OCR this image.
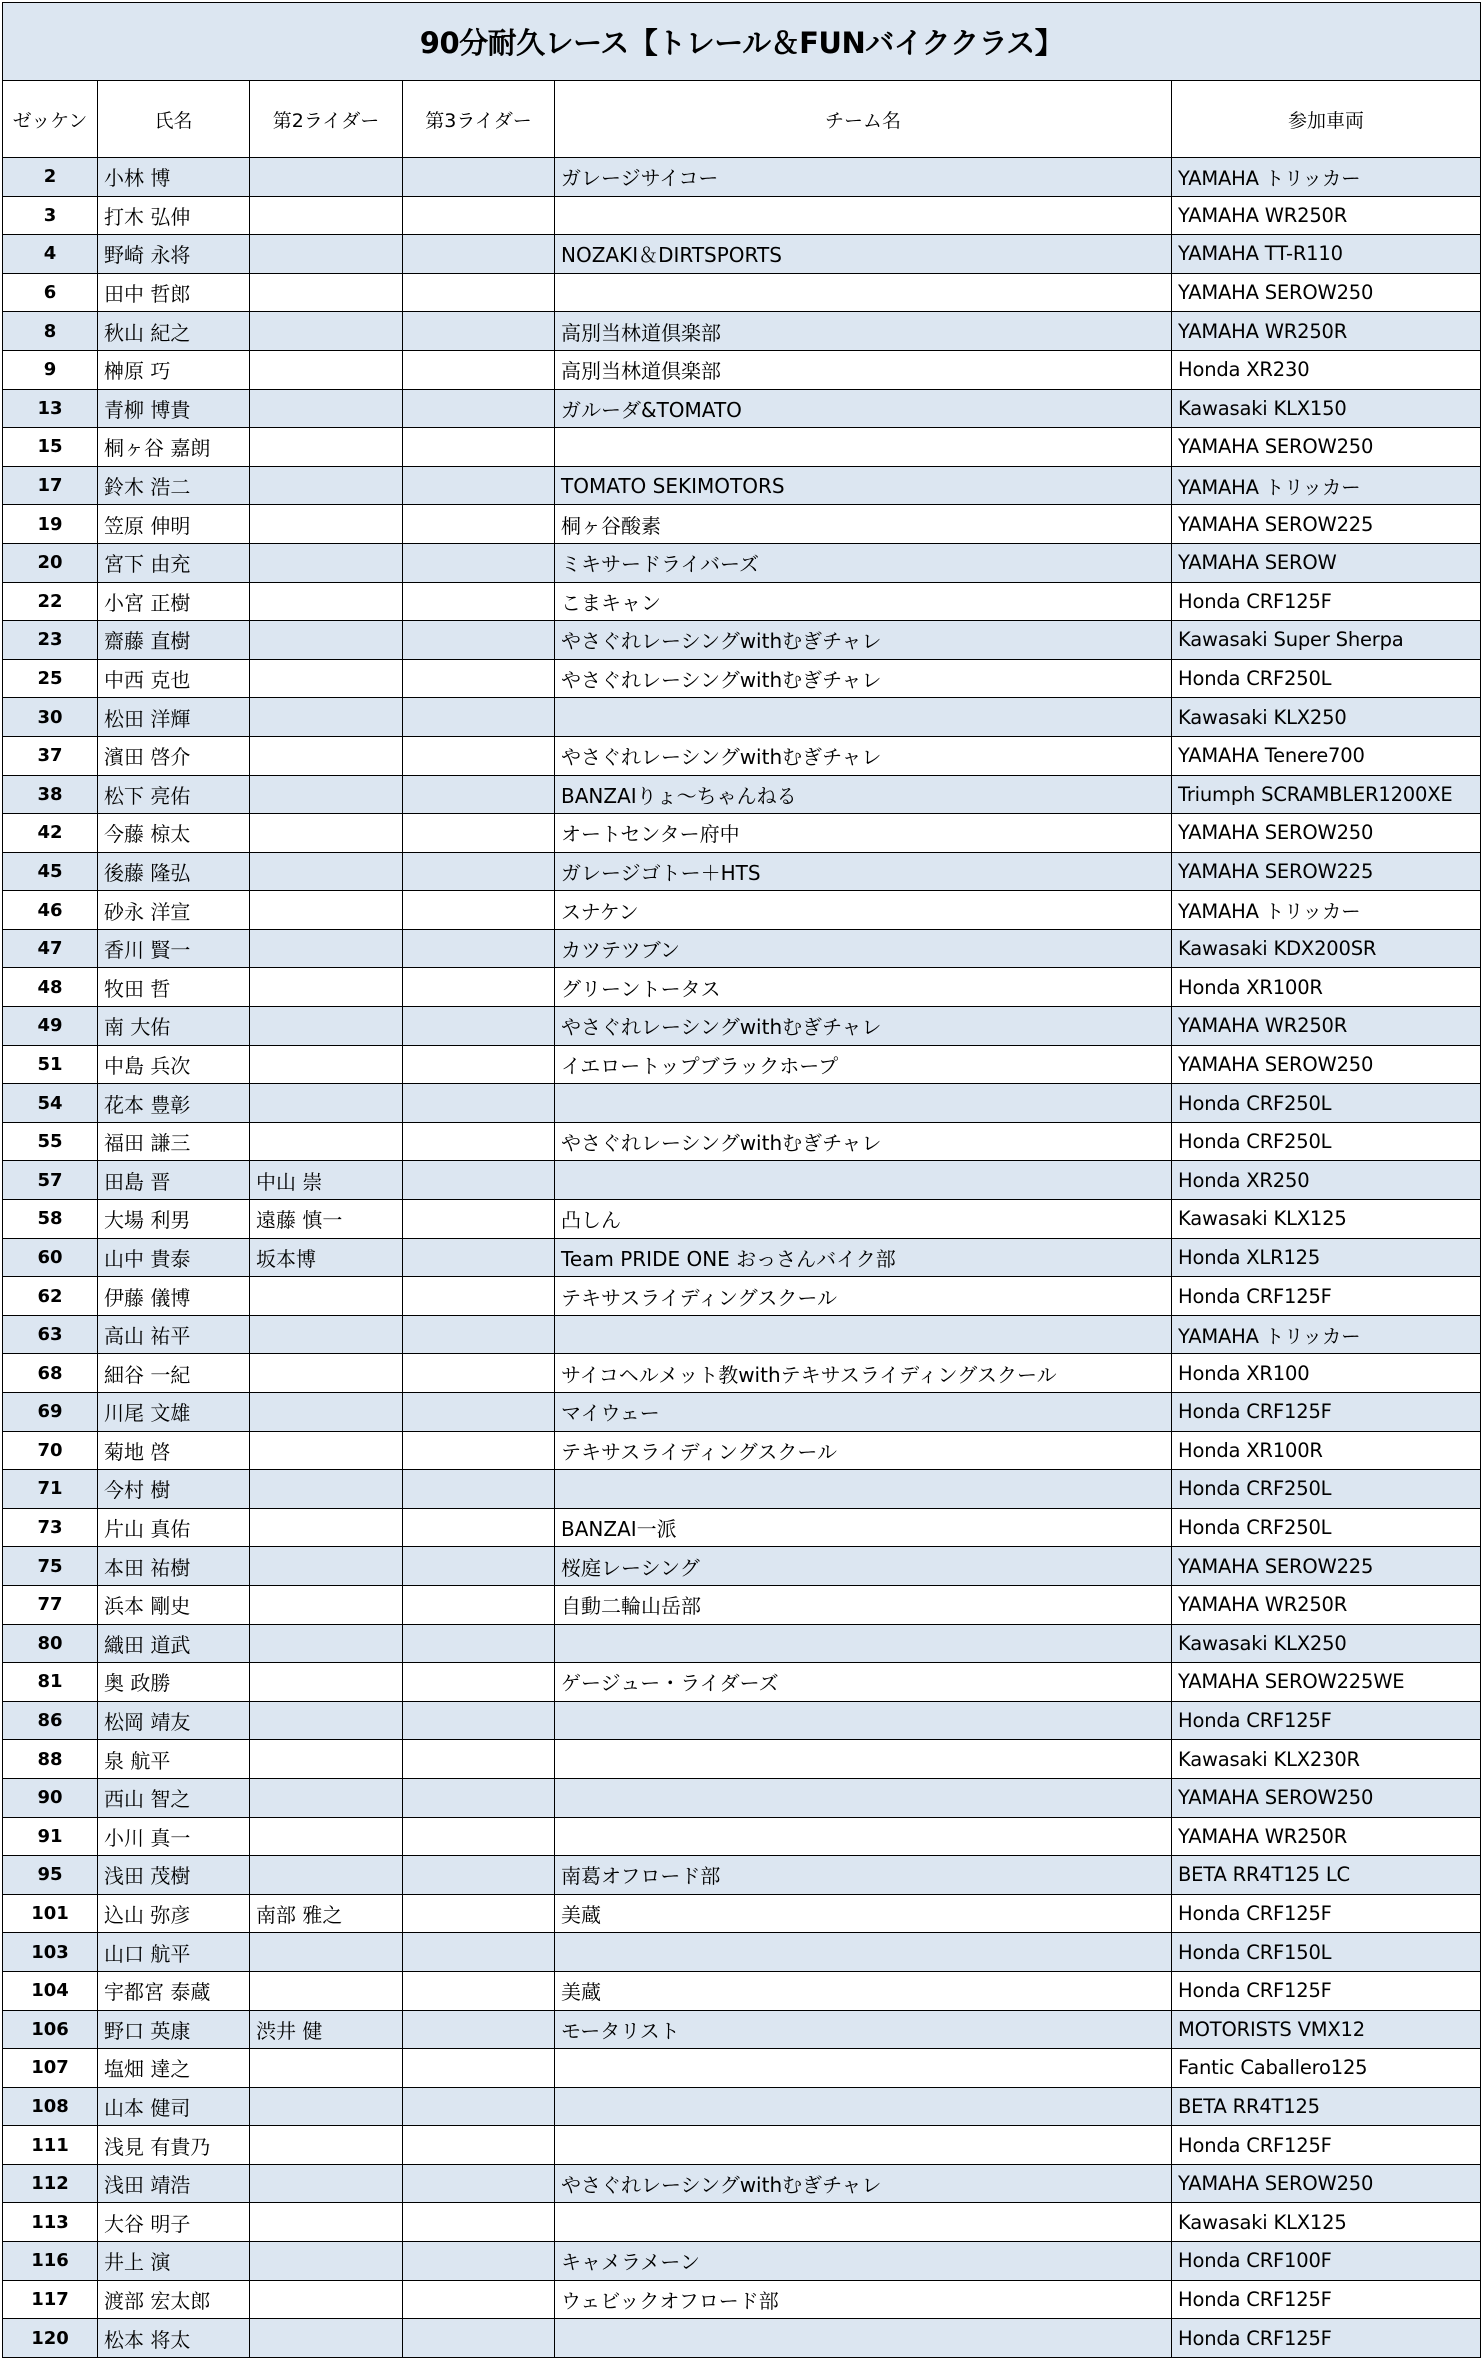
90分耐久レース【トレール＆FUNバイククラス】					
ゼッケン	氏名	第2ライダー	第3ライダー	チーム名	参加車両
2	小林 博			ガレージサイコー	YAMAHA トリッカー
3	打木 弘伸				YAMAHA WR250R
4	野崎 永将			NOZAKI＆DIRTSPORTS	YAMAHA TT-R110
6	田中 哲郎				YAMAHA SEROW250
8	秋山 紀之			高別当林道倶楽部	YAMAHA WR250R
9	榊原 巧			高別当林道倶楽部	Honda XR230
13	青柳 博貴			ガルーダ&TOMATO	Kawasaki KLX150
15	桐ヶ谷 嘉朗				YAMAHA SEROW250
17	鈴木 浩二			TOMATO SEKIMOTORS	YAMAHA トリッカー
19	笠原 伸明			桐ヶ谷酸素	YAMAHA SEROW225
20	宮下 由充			ミキサードライバーズ	YAMAHA SEROW
22	小宮 正樹			こまキャン	Honda CRF125F
23	齋藤 直樹			やさぐれレーシングwithむぎチャレ	Kawasaki Super Sherpa
25	中西 克也			やさぐれレーシングwithむぎチャレ	Honda CRF250L
30	松田 洋輝				Kawasaki KLX250
37	濱田 啓介			やさぐれレーシングwithむぎチャレ	YAMAHA Tenere700
38	松下 亮佑			BANZAIりょ～ちゃんねる	Triumph SCRAMBLER1200XE
42	今藤 椋太			オートセンター府中	YAMAHA SEROW250
45	後藤 隆弘			ガレージゴトー＋HTS	YAMAHA SEROW225
46	砂永 洋宣			スナケン	YAMAHA トリッカー
47	香川 賢一			カツテツブン	Kawasaki KDX200SR
48	牧田 哲			グリーントータス	Honda XR100R
49	南 大佑			やさぐれレーシングwithむぎチャレ	YAMAHA WR250R
51	中島 兵次			イエロートップブラックホープ	YAMAHA SEROW250
54	花本 豊彰				Honda CRF250L
55	福田 謙三			やさぐれレーシングwithむぎチャレ	Honda CRF250L
57	田島 晋	中山 崇			Honda XR250
58	大場 利男	遠藤 慎一		凸しん	Kawasaki KLX125
60	山中 貴泰	坂本博		Team PRIDE ONE おっさんバイク部	Honda XLR125
62	伊藤 儀博			テキサスライディングスクール	Honda CRF125F
63	高山 祐平				YAMAHA トリッカー
68	細谷 一紀			サイコヘルメット教withテキサスライディングスクール	Honda XR100
69	川尾 文雄			マイウェー	Honda CRF125F
70	菊地 啓			テキサスライディングスクール	Honda XR100R
71	今村 樹				Honda CRF250L
73	片山 真佑			BANZAI一派	Honda CRF250L
75	本田 祐樹			桜庭レーシング	YAMAHA SEROW225
77	浜本 剛史			自動二輪山岳部	YAMAHA WR250R
80	織田 道武				Kawasaki KLX250
81	奥 政勝			ゲージュー・ライダーズ	YAMAHA SEROW225WE
86	松岡 靖友				Honda CRF125F
88	泉 航平				Kawasaki KLX230R
90	西山 智之				YAMAHA SEROW250
91	小川 真一				YAMAHA WR250R
95	浅田 茂樹			南葛オフロード部	BETA RR4T125 LC
101	込山 弥彦	南部 雅之		美蔵	Honda CRF125F
103	山口 航平				Honda CRF150L
104	宇都宮 泰蔵			美蔵	Honda CRF125F
106	野口 英康	渋井 健		モータリスト	MOTORISTS VMX12
107	塩畑 達之				Fantic Caballero125
108	山本 健司				BETA RR4T125
111	浅見 有貴乃				Honda CRF125F
112	浅田 靖浩			やさぐれレーシングwithむぎチャレ	YAMAHA SEROW250
113	大谷 明子				Kawasaki KLX125
116	井上 演			キャメラメーン	Honda CRF100F
117	渡部 宏太郎			ウェビックオフロード部	Honda CRF125F
120	松本 将太				Honda CRF125F
